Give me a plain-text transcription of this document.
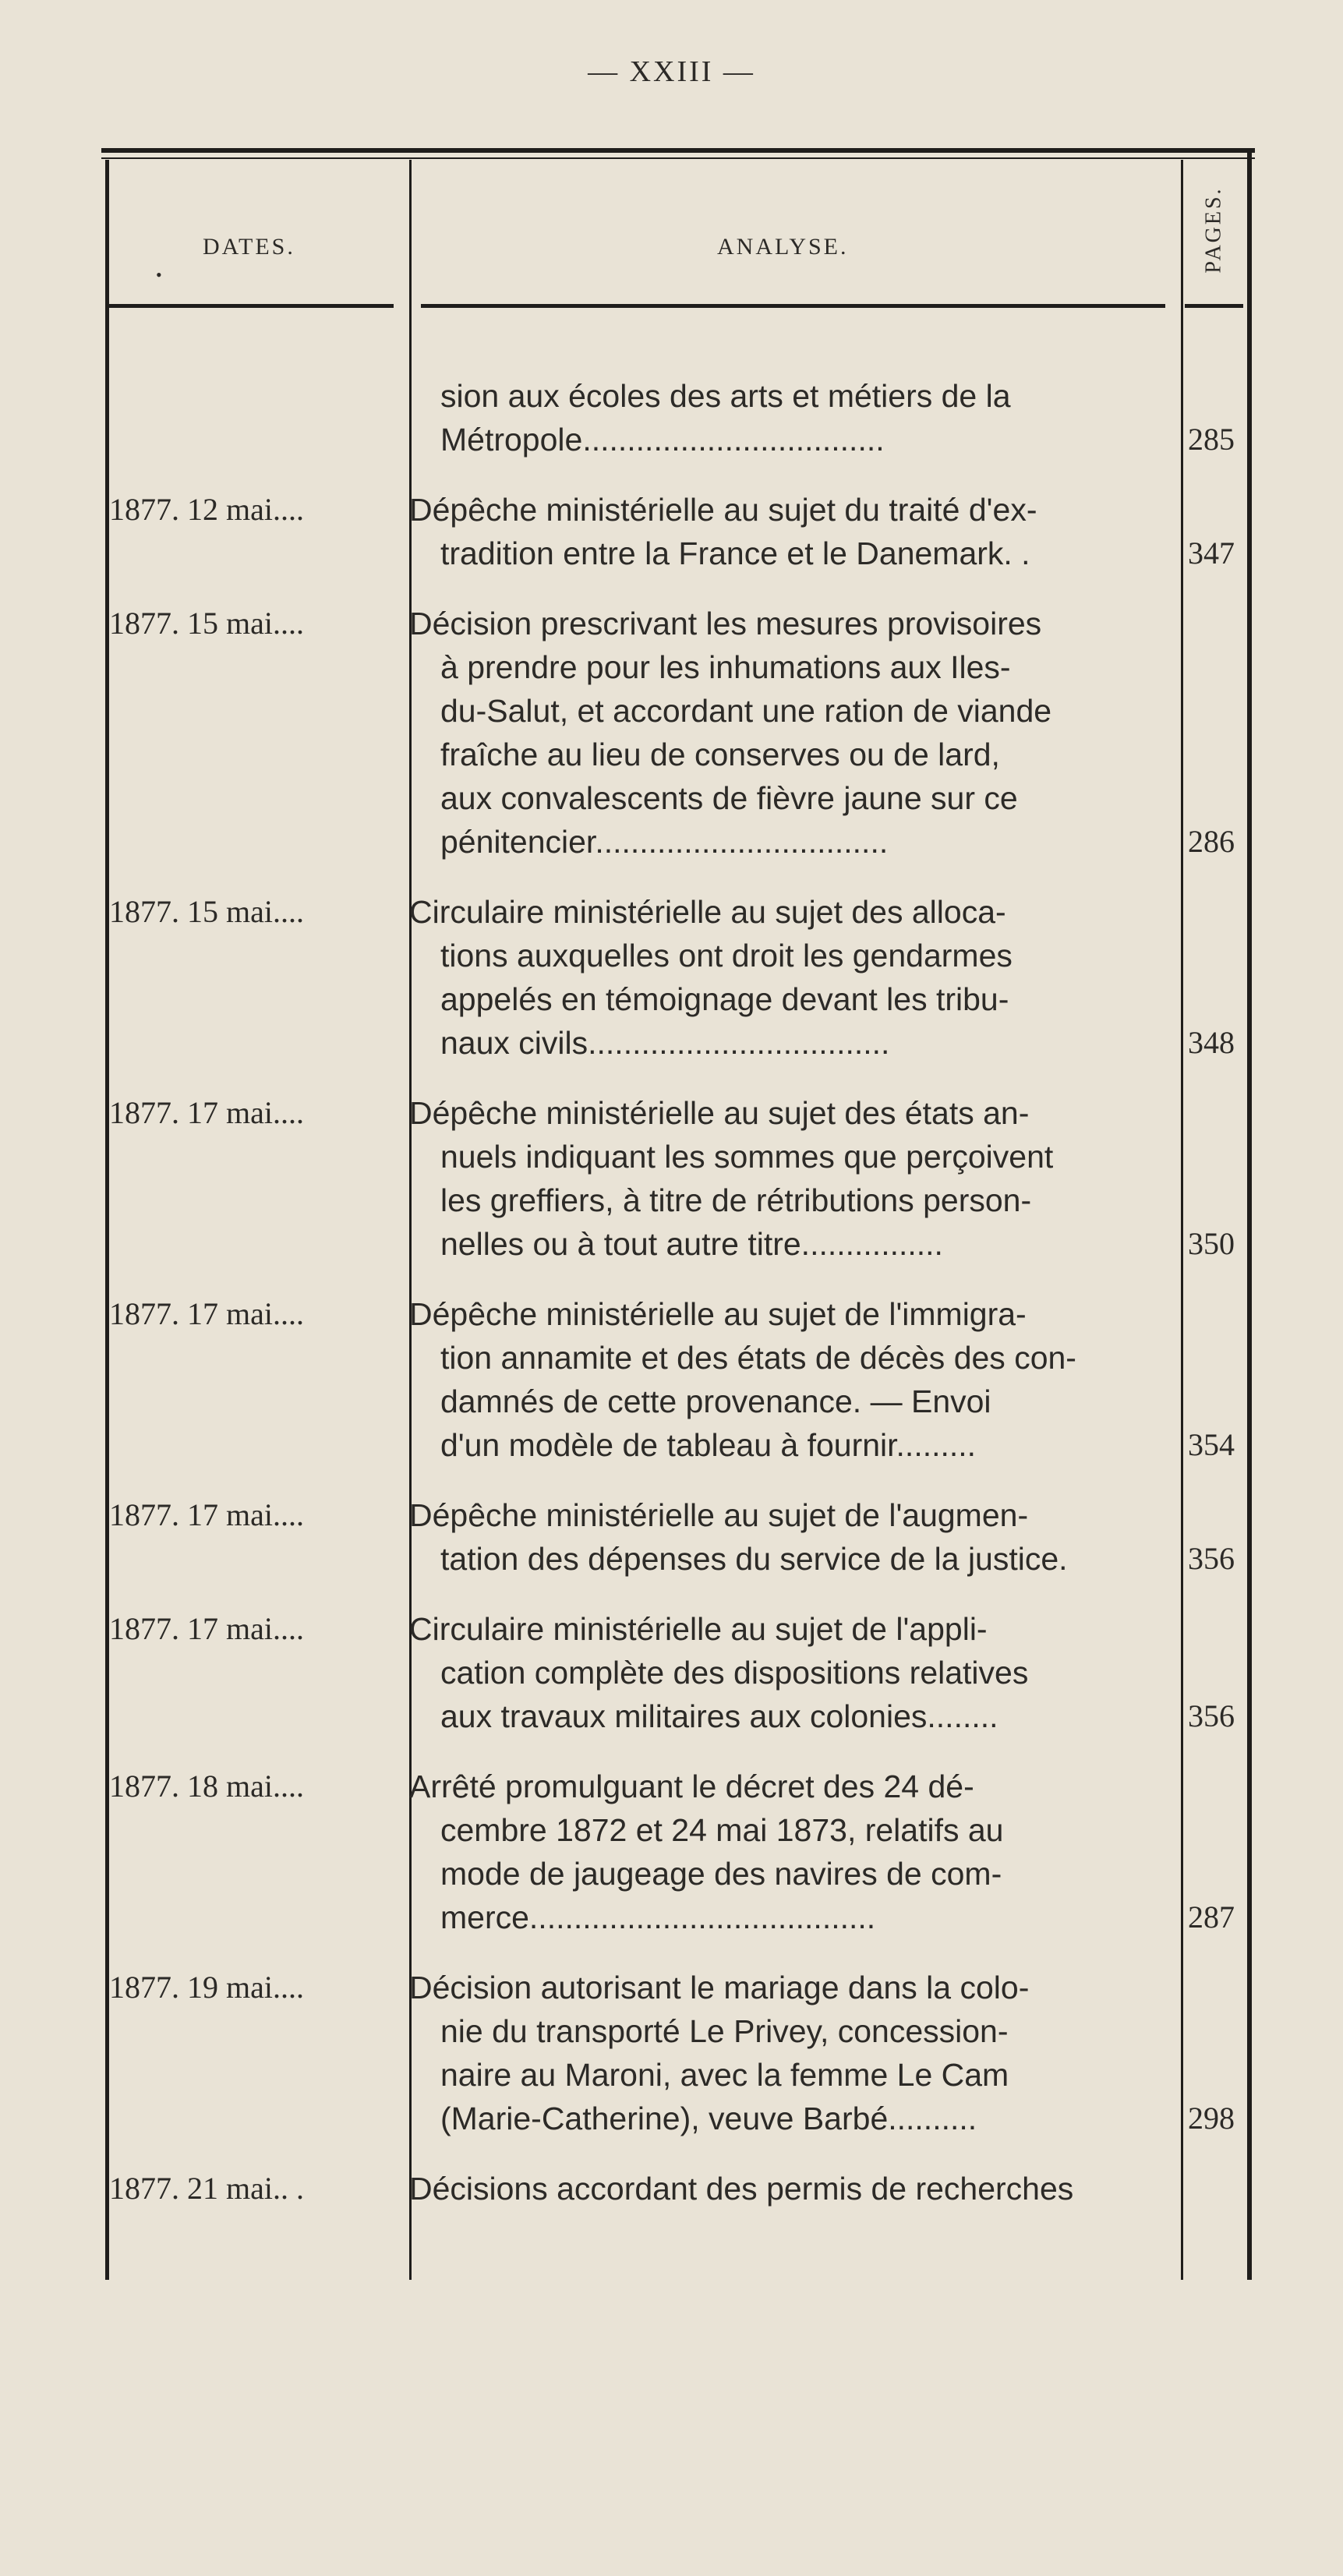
— XXIII —
DATES.	ANALYSE.	PAGES.
•
sion aux écoles des arts et métiers de la
Métropole..................................	285
1877. 12 mai....	Dépêche ministérielle au sujet du traité d'ex-
tradition entre la France et le Danemark. .	347
1877. 15 mai....	Décision prescrivant les mesures provisoires
à prendre pour les inhumations aux Iles-
du-Salut, et accordant une ration de viande
fraîche au lieu de conserves ou de lard,
aux convalescents de fièvre jaune sur ce
pénitencier.................................	286
1877. 15 mai....	Circulaire ministérielle au sujet des alloca-
tions auxquelles ont droit les gendarmes
appelés en témoignage devant les tribu-
naux civils..................................	348
1877. 17 mai....	Dépêche ministérielle au sujet des états an-
nuels indiquant les sommes que perçoivent
les greffiers, à titre de rétributions person-
nelles ou à tout autre titre................	350
1877. 17 mai....	Dépêche ministérielle au sujet de l'immigra-
tion annamite et des états de décès des con-
damnés de cette provenance. — Envoi
d'un modèle de tableau à fournir.........	354
1877. 17 mai....	Dépêche ministérielle au sujet de l'augmen-
tation des dépenses du service de la justice.	356
1877. 17 mai....	Circulaire ministérielle au sujet de l'appli-
cation complète des dispositions relatives
aux travaux militaires aux colonies........	356
1877. 18 mai....	Arrêté promulguant le décret des 24 dé-
cembre 1872 et 24 mai 1873, relatifs au
mode de jaugeage des navires de com-
merce.......................................	287
1877. 19 mai....	Décision autorisant le mariage dans la colo-
nie du transporté Le Privey, concession-
naire au Maroni, avec la femme Le Cam
(Marie-Catherine), veuve Barbé..........	298
1877. 21 mai.. .	Décisions accordant des permis de recherches
